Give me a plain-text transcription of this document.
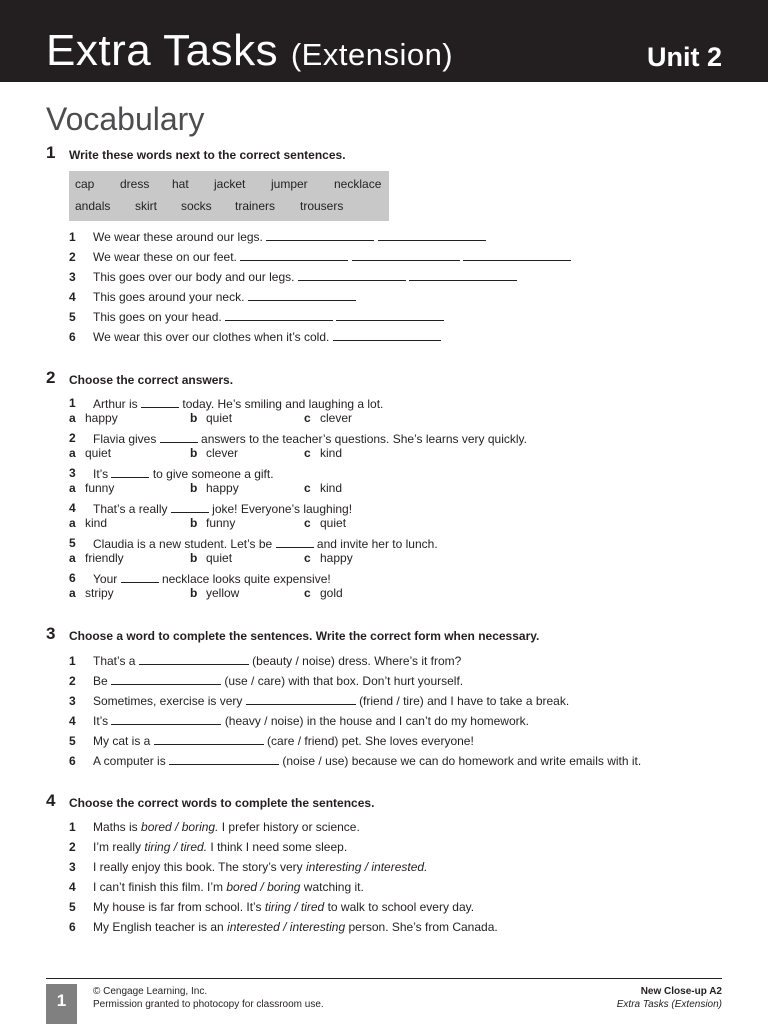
Extra Tasks (Extension)	Unit 2
Vocabulary
1 Write these words next to the correct sentences.
cap dress hat jacket jumper necklace
andals skirt socks trainers trousers
1 We wear these around our legs.
2 We wear these on our feet.
3 This goes over our body and our legs.
4 This goes around your neck.
5 This goes on your head.
6 We wear this over our clothes when it’s cold.
2 Choose the correct answers.
1 Arthur is	today. He’s smiling and laughing a lot.
a happy	b quiet	c clever
2 Flavia gives	answers to the teacher’s questions. She’s learns very quickly.
a quiet	b clever	c kind
3 It’s	to give someone a gift.
a funny	b happy	c kind
4 That’s a really	joke! Everyone’s laughing!
a kind	b funny	c quiet
5 Claudia is a new student. Let’s be	and invite her to lunch.
a friendly	b quiet	c happy
6 Your	necklace looks quite expensive!
a stripy	b yellow	c gold
3 Choose a word to complete the sentences. Write the correct form when necessary.
1 That’s a	(beauty / noise) dress. Where’s it from?
2 Be	(use / care) with that box. Don’t hurt yourself.
3 Sometimes, exercise is very	(friend / tire) and I have to take a break.
4 It’s	(heavy / noise) in the house and I can’t do my homework.
5 My cat is a	(care / friend) pet. She loves everyone!
6 A computer is	(noise / use) because we can do homework and write emails with it.
4 Choose the correct words to complete the sentences.
1 Maths is bored / boring. I prefer history or science.
2 I’m really tiring / tired. I think I need some sleep.
3 I really enjoy this book. The story’s very interesting / interested.
4 I can’t finish this film. I’m bored / boring watching it.
5 My house is far from school. It’s tiring / tired to walk to school every day.
6 My English teacher is an interested / interesting person. She’s from Canada.
1	© Cengage Learning, Inc.
Permission granted to photocopy for classroom use.
New Close-up A2
Extra Tasks (Extension)
